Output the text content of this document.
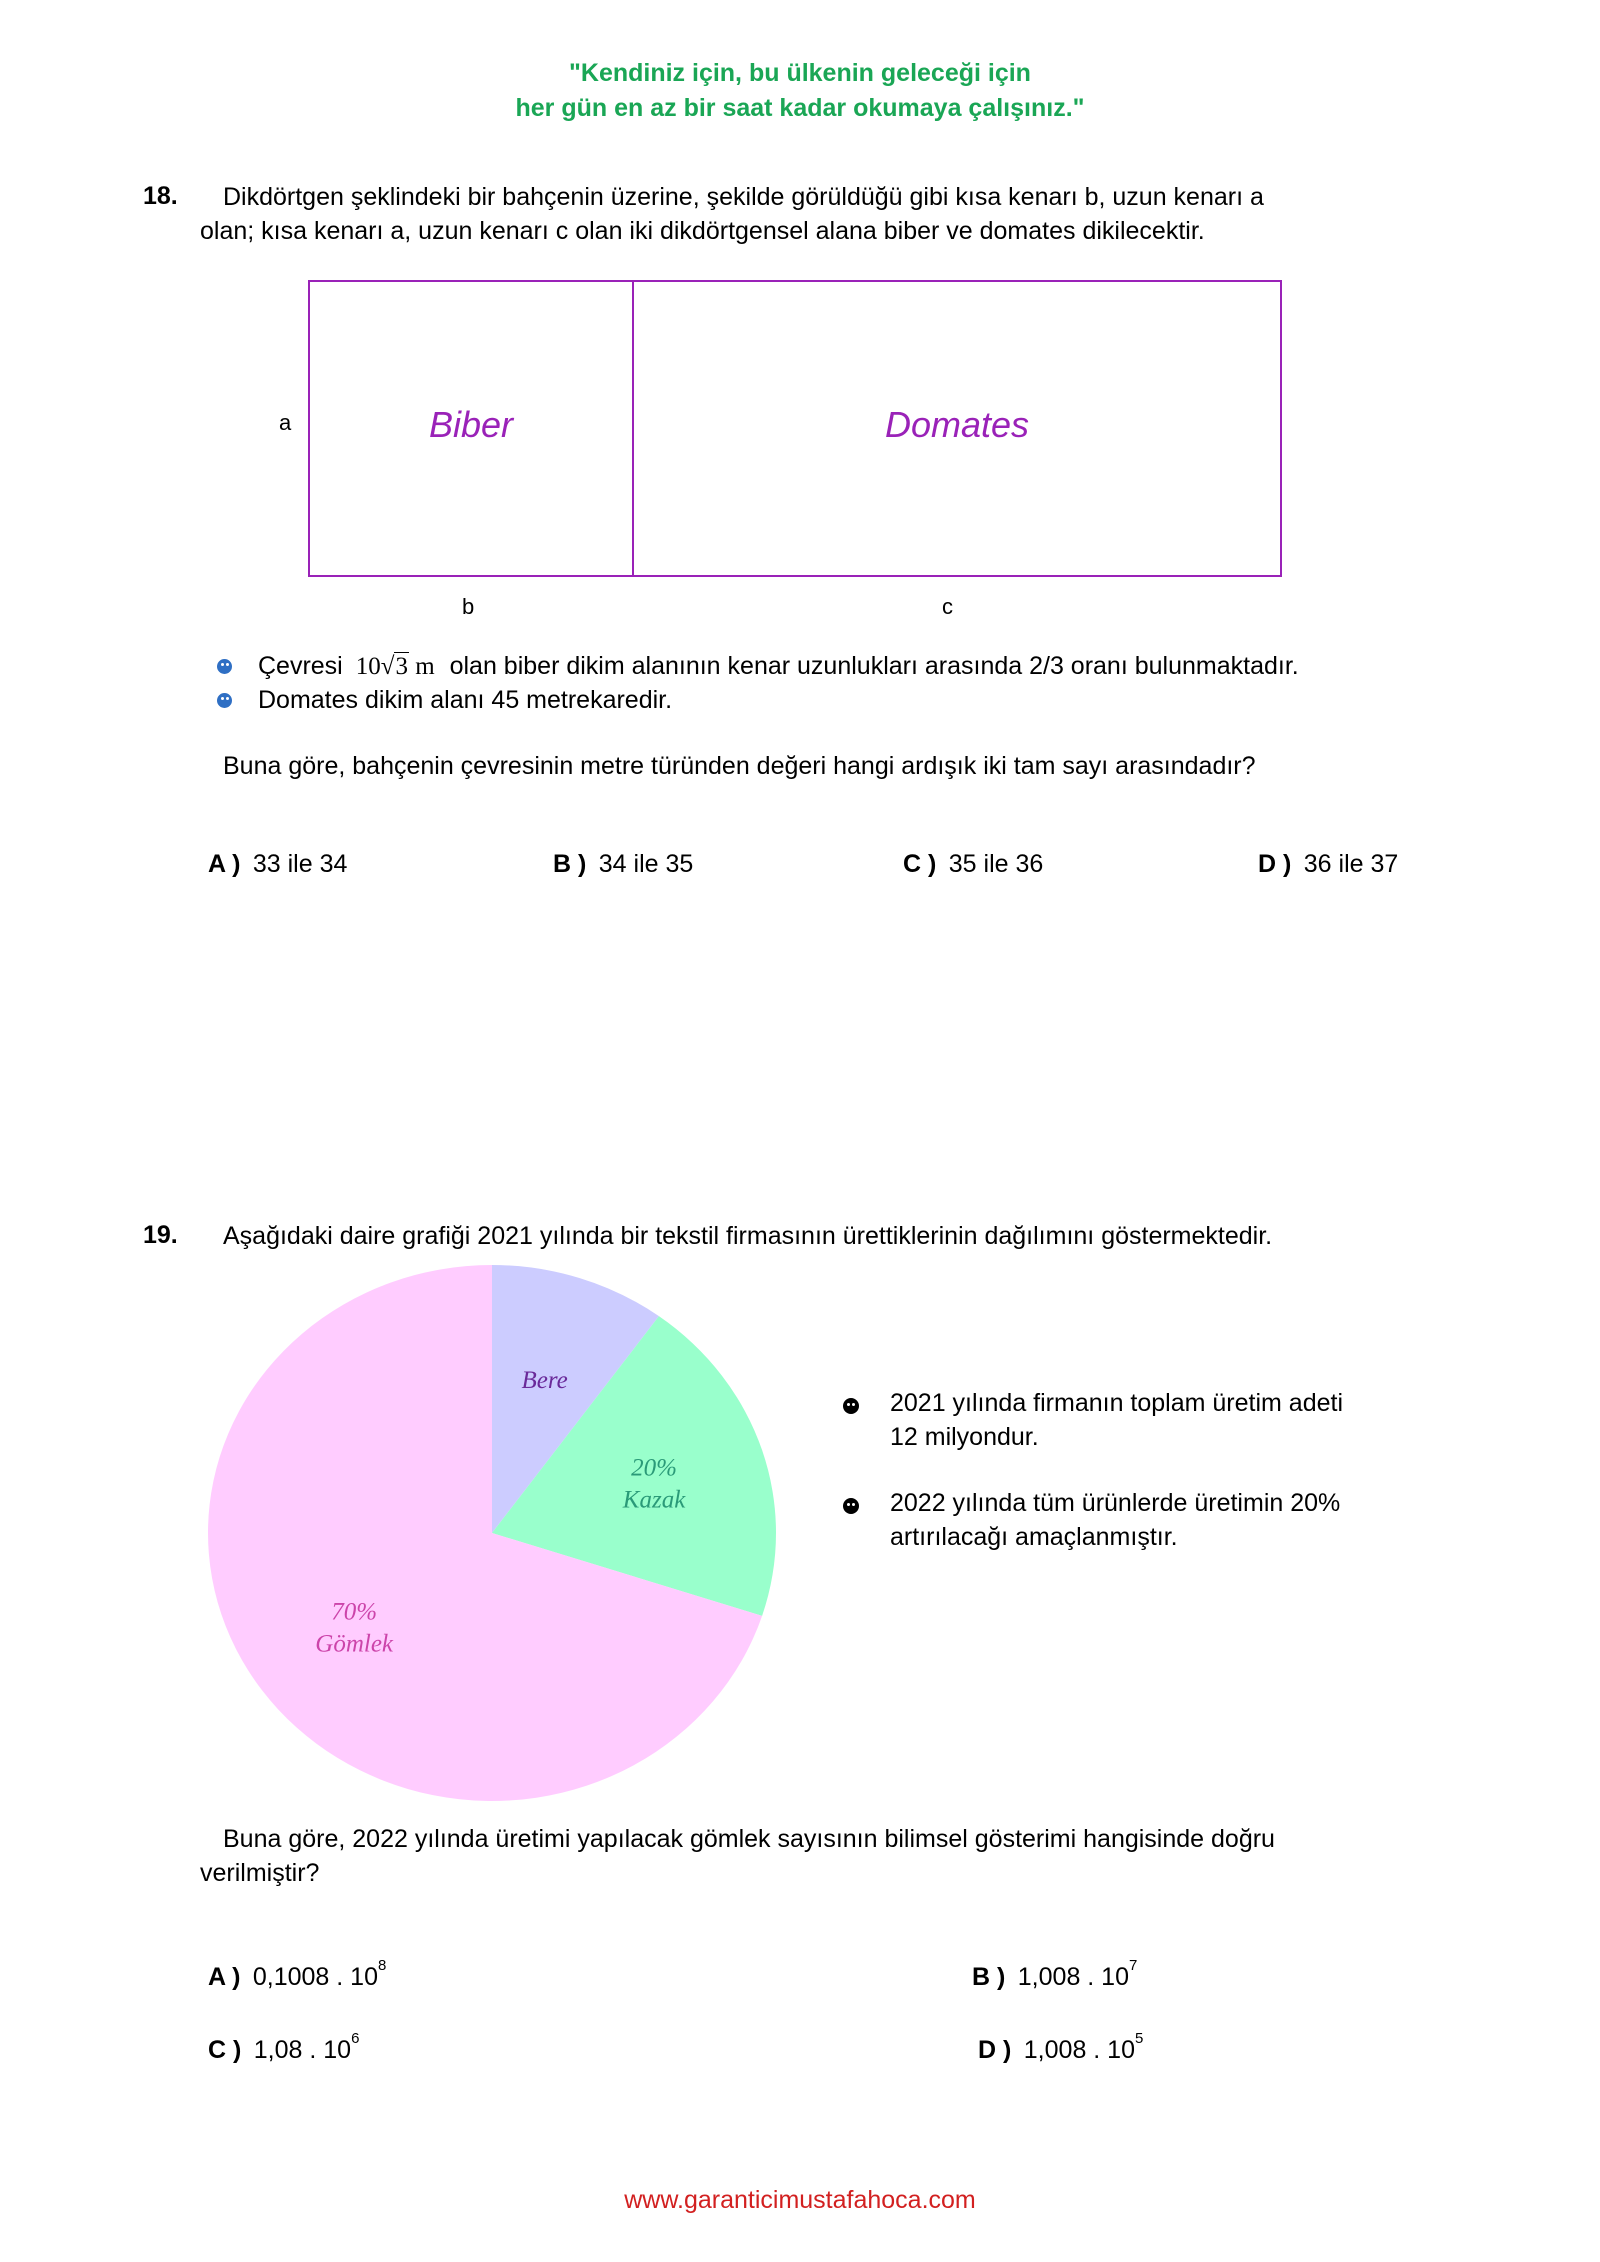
"Kendiniz için, bu ülkenin geleceği için
her gün en az bir saat kadar okumaya çalışınız."
18. Dikdörtgen şeklindeki bir bahçenin üzerine, şekilde görüldüğü gibi kısa kenarı b, uzun kenarı a
olan; kısa kenarı a, uzun kenarı c olan iki dikdörtgensel alana biber ve domates dikilecektir.
Biber	Domates
a
b	c
Çevresi 10√3 m olan biber dikim alanının kenar uzunlukları arasında 2/3 oranı bulunmaktadır.
Domates dikim alanı 45 metrekaredir.
Buna göre, bahçenin çevresinin metre türünden değeri hangi ardışık iki tam sayı arasındadır?
A ) 33 ile 34	B ) 34 ile 35	C ) 35 ile 36	D ) 36 ile 37
19. Aşağıdaki daire grafiği 2021 yılında bir tekstil firmasının ürettiklerinin dağılımını göstermektedir.
Bere
20%
Kazak
70%
Gömlek
2021 yılında firmanın toplam üretim adeti
12 milyondur.
2022 yılında tüm ürünlerde üretimin 20%
artırılacağı amaçlanmıştır.
Buna göre, 2022 yılında üretimi yapılacak gömlek sayısının bilimsel gösterimi hangisinde doğru
verilmiştir?
A ) 0,1008 . $10^8$	B ) 1,008 . $10^7$
C ) 1,08 . $10^6$	D ) 1,008 . $10^5$
www.garanticimustafahoca.com
